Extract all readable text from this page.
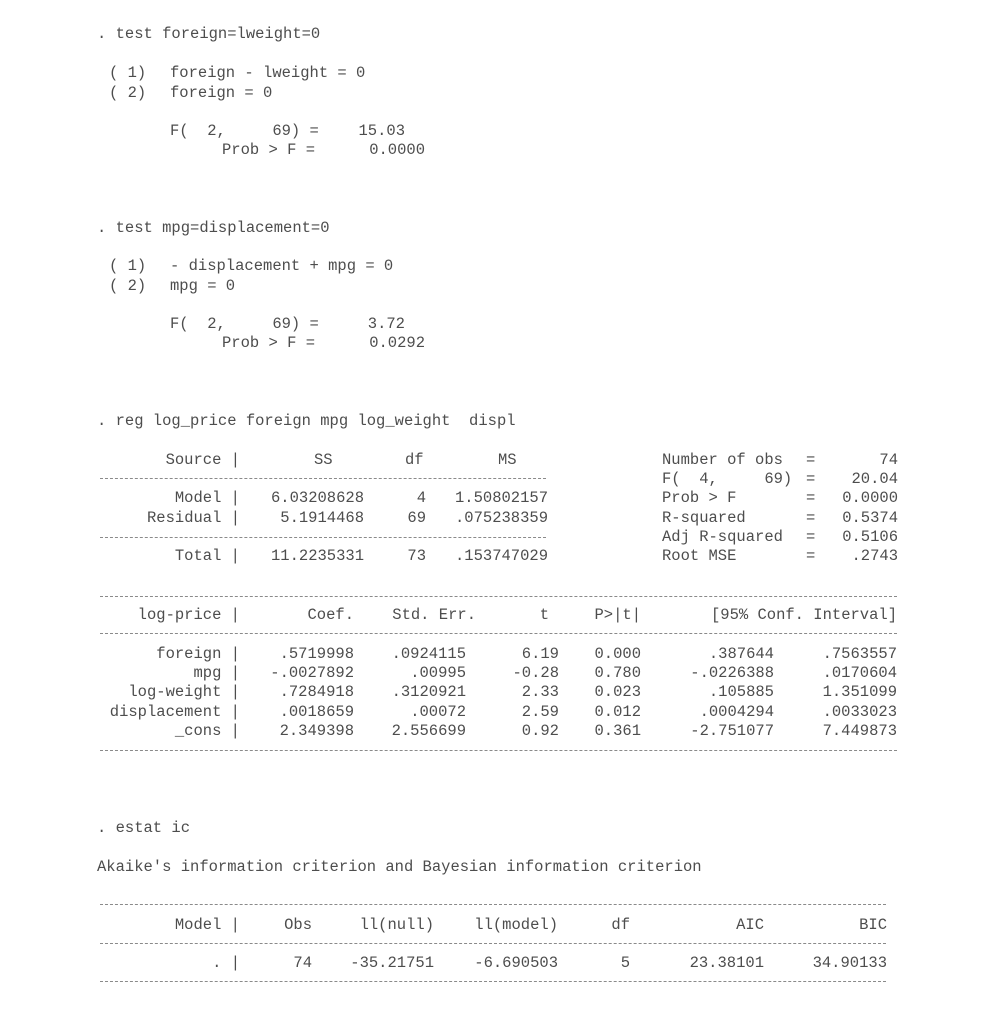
. test foreign=lweight=0
( 1) foreign - lweight = 0
( 2) foreign = 0
F(  2,     69) =	15.03
Prob > F =	0.0000
. test mpg=displacement=0
( 1) - displacement + mpg = 0
( 2) mpg = 0
F(  2,     69) =	3.72
Prob > F =	0.0292
. reg log_price foreign mpg log_weight  displ
Source |	SS	df	MS
Model |	6.03208628	4	1.50802157
Residual |	5.1914468	69	.075238359
Total |	11.2235331	73	.153747029
Number of obs =	74
F(  4,     69) =	20.04
Prob > F	=	0.0000
R-squared	=	0.5374
Adj R-squared =	0.5106
Root MSE	=	.2743
log-price |	Coef.	Std. Err.	t	P>|t|	[95% Conf. Interval]
foreign |	.5719998	.0924115	6.19	0.000	.387644	.7563557
mpg |	-.0027892	.00995	-0.28	0.780	-.0226388	.0170604
log-weight |	.7284918	.3120921	2.33	0.023	.105885	1.351099
displacement |	.0018659	.00072	2.59	0.012	.0004294	.0033023
_cons |	2.349398	2.556699	0.92	0.361	-2.751077	7.449873
. estat ic
Akaike's information criterion and Bayesian information criterion
Model |	Obs	ll(null)	ll(model)	df	AIC	BIC
. |	74	-35.21751	-6.690503	5	23.38101	34.90133
